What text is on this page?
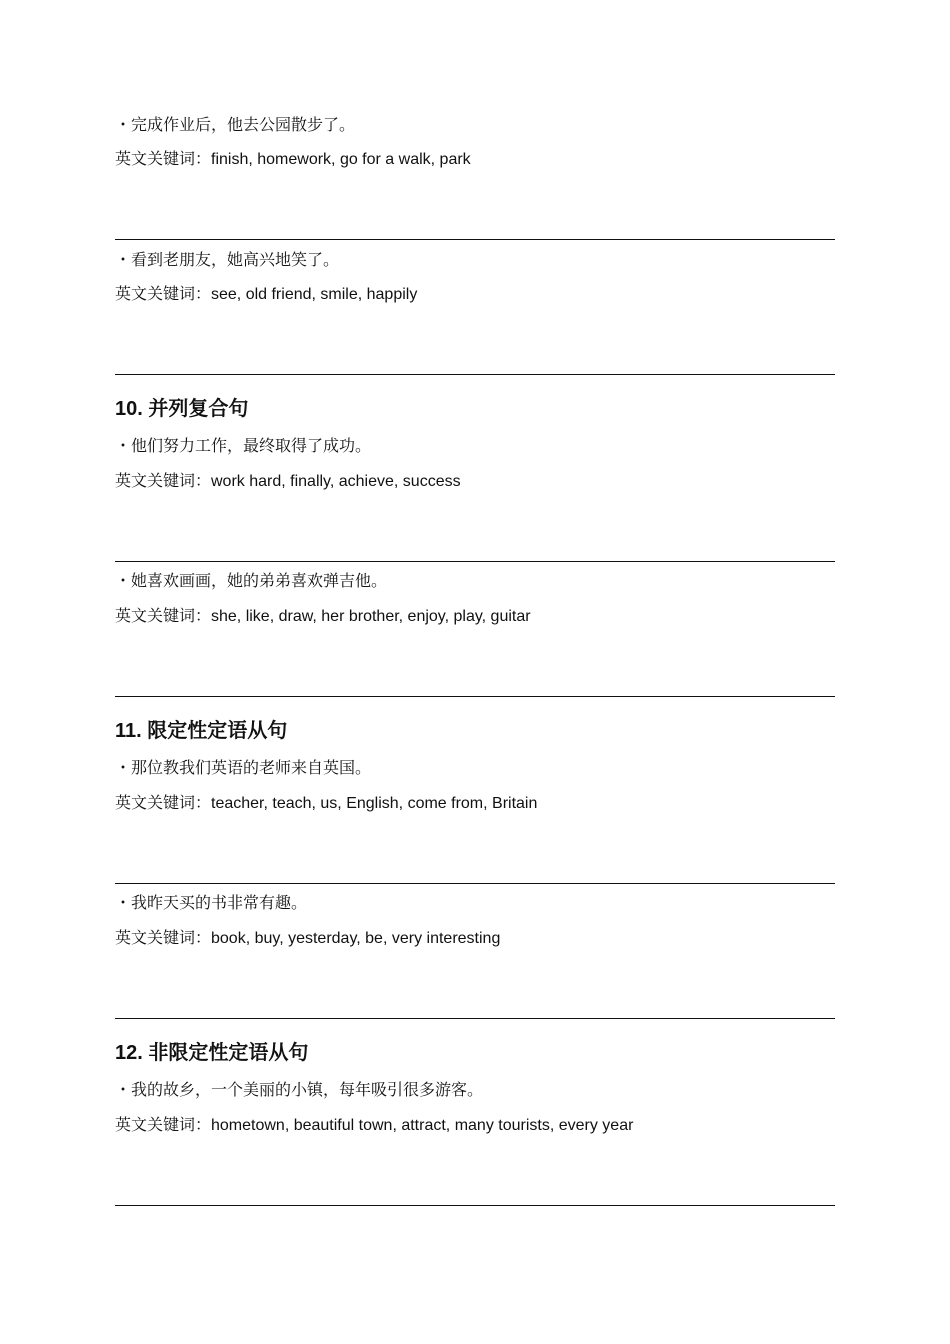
・完成作业后，他去公园散步了。
英文关键词：finish, homework, go for a walk, park
・看到老朋友，她高兴地笑了。
英文关键词：see, old friend, smile, happily
10. 并列复合句
・他们努力工作，最终取得了成功。
英文关键词：work hard, finally, achieve, success
・她喜欢画画，她的弟弟喜欢弹吉他。
英文关键词：she, like, draw, her brother, enjoy, play, guitar
11. 限定性定语从句
・那位教我们英语的老师来自英国。
英文关键词：teacher, teach, us, English, come from, Britain
・我昨天买的书非常有趣。
英文关键词：book, buy, yesterday, be, very interesting
12. 非限定性定语从句
・我的故乡，一个美丽的小镇，每年吸引很多游客。
英文关键词：hometown, beautiful town, attract, many tourists, every year
